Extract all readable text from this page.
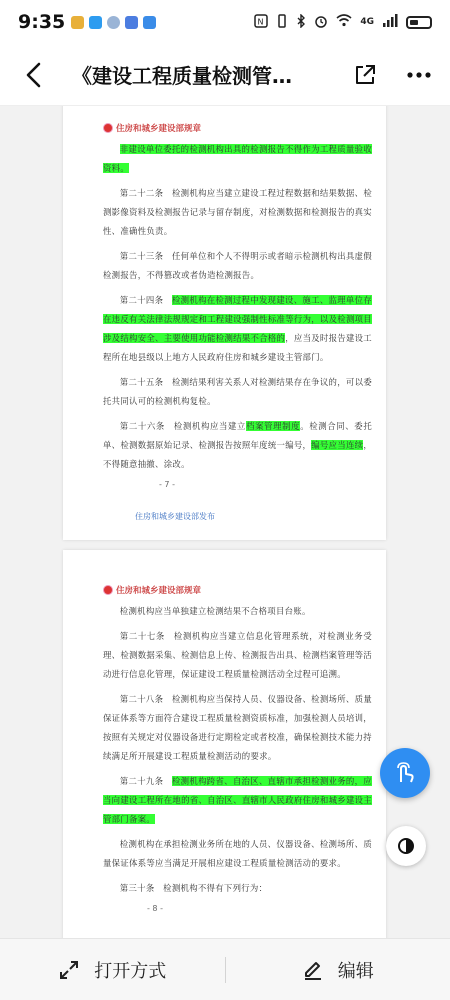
9:35	N	4G
《建设工程质量检测管…
住房和城乡建设部规章

非建设单位委托的检测机构出具的检测报告不得作为工程质量验收资料。

第二十二条　检测机构应当建立建设工程过程数据和结果数据、检测影像资料及检测报告记录与留存制度，对检测数据和检测报告的真实性、准确性负责。

第二十三条　任何单位和个人不得明示或者暗示检测机构出具虚假检测报告，不得篡改或者伪造检测报告。

第二十四条　检测机构在检测过程中发现建设、施工、监理单位存在违反有关法律法规规定和工程建设强制性标准等行为，以及检测项目涉及结构安全、主要使用功能检测结果不合格的，应当及时报告建设工程所在地县级以上地方人民政府住房和城乡建设主管部门。

第二十五条　检测结果利害关系人对检测结果存在争议的，可以委托共同认可的检测机构复检。

第二十六条　检测机构应当建立档案管理制度。检测合同、委托单、检测数据原始记录、检测报告按照年度统一编号，编号应当连续，不得随意抽撤、涂改。

- 7 -
住房和城乡建设部发布
住房和城乡建设部规章

检测机构应当单独建立检测结果不合格项目台账。

第二十七条　检测机构应当建立信息化管理系统，对检测业务受理、检测数据采集、检测信息上传、检测报告出具、检测档案管理等活动进行信息化管理，保证建设工程质量检测活动全过程可追溯。

第二十八条　检测机构应当保持人员、仪器设备、检测场所、质量保证体系等方面符合建设工程质量检测资质标准，加强检测人员培训，按照有关规定对仪器设备进行定期检定或者校准，确保检测技术能力持续满足所开展建设工程质量检测活动的要求。

第二十九条　检测机构跨省、自治区、直辖市承担检测业务的，应当向建设工程所在地的省、自治区、直辖市人民政府住房和城乡建设主管部门备案。

检测机构在承担检测业务所在地的人员、仪器设备、检测场所、质量保证体系等应当满足开展相应建设工程质量检测活动的要求。

第三十条　检测机构不得有下列行为：

- 8 -
打开方式	编辑
